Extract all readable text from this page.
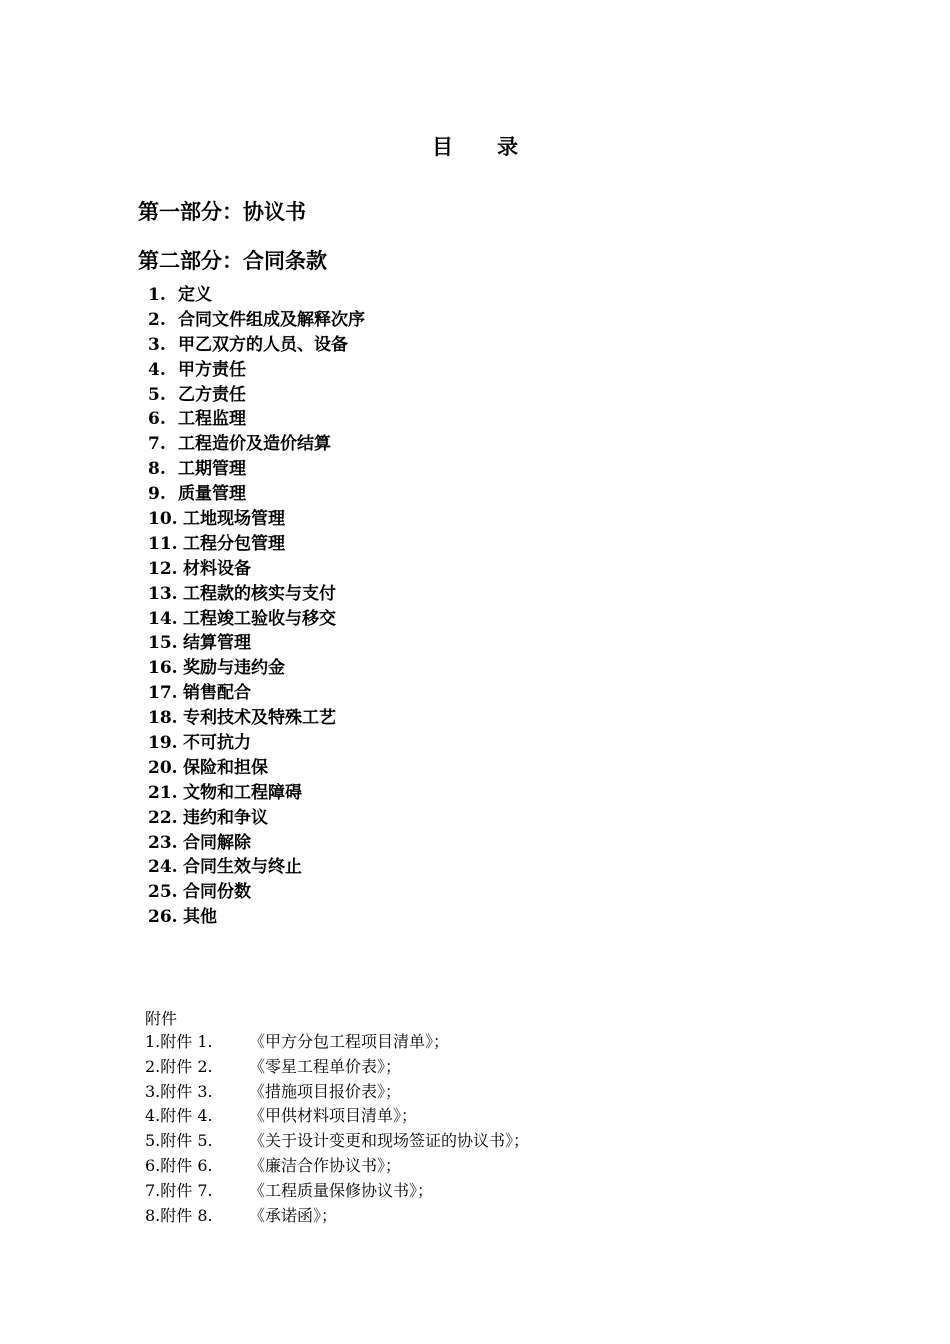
目 录
第一部分：协议书
第二部分：合同条款
1. 定义
2. 合同文件组成及解释次序
3. 甲乙双方的人员、设备
4. 甲方责任
5. 乙方责任
6. 工程监理
7. 工程造价及造价结算
8. 工期管理
9. 质量管理
10. 工地现场管理
11. 工程分包管理
12. 材料设备
13. 工程款的核实与支付
14. 工程竣工验收与移交
15. 结算管理
16. 奖励与违约金
17. 销售配合
18. 专利技术及特殊工艺
19. 不可抗力
20. 保险和担保
21. 文物和工程障碍
22. 违约和争议
23. 合同解除
24. 合同生效与终止
25. 合同份数
26. 其他
附件
1.附件 1. 《甲方分包工程项目清单》；
2.附件 2. 《零星工程单价表》；
3.附件 3. 《措施项目报价表》；
4.附件 4. 《甲供材料项目清单》；
5.附件 5. 《关于设计变更和现场签证的协议书》；
6.附件 6. 《廉洁合作协议书》；
7.附件 7. 《工程质量保修协议书》；
8.附件 8. 《承诺函》；
